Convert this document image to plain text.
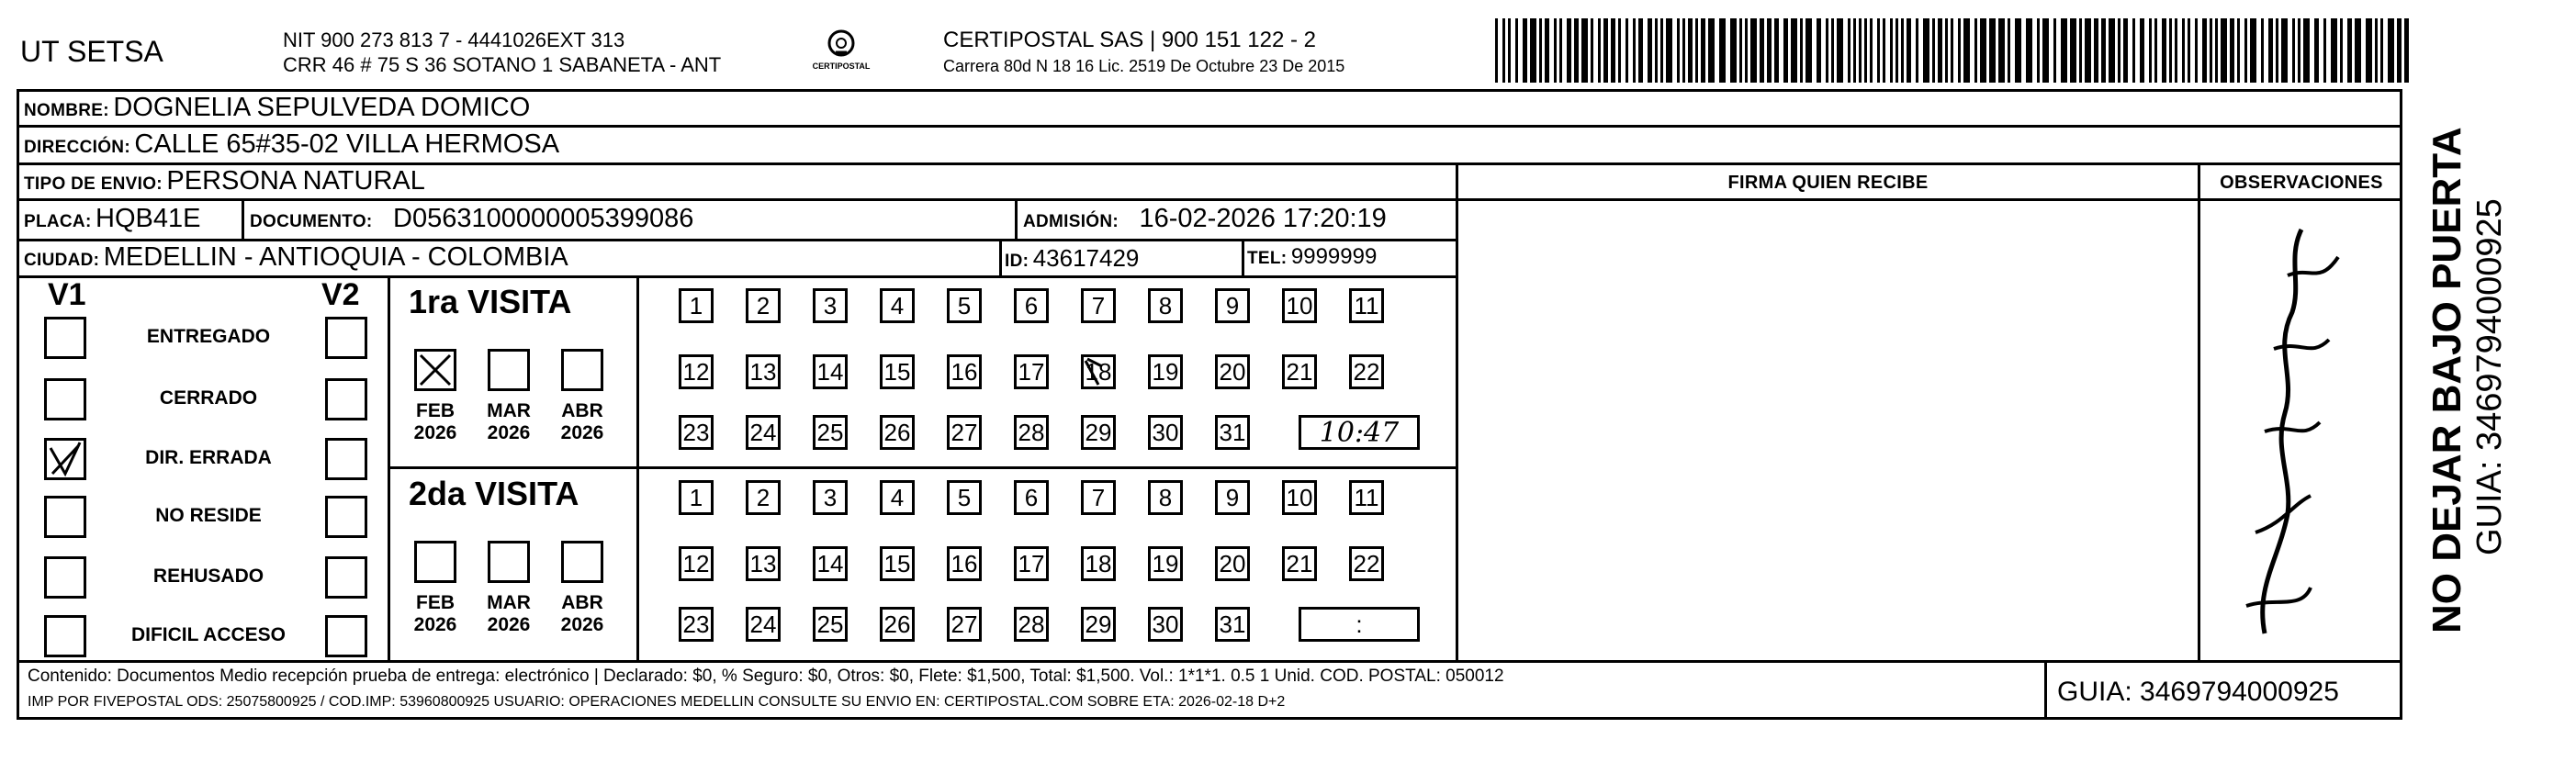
UT SETSA	NIT 900 273 813 7 - 4441026EXT 313
CRR 46 # 75 S 36 SOTANO 1 SABANETA - ANT	CERTIPOSTAL
CERTIPOSTAL SAS | 900 151 122 - 2
Carrera 80d N 18 16 Lic. 2519 De Octubre 23 De 2015
NOMBRE: DOGNELIA SEPULVEDA DOMICO
DIRECCIÓN: CALLE 65#35-02 VILLA HERMOSA
TIPO DE ENVIO: PERSONA NATURAL	FIRMA QUIEN RECIBE	OBSERVACIONES
PLACA: HQB41E	DOCUMENTO: D0563100000005399086	ADMISIÓN: 16-02-2026 17:20:19
CIUDAD: MEDELLIN - ANTIOQUIA - COLOMBIA	ID: 43617429	TEL: 9999999
V1	V2
ENTREGADO
CERRADO
DIR. ERRADA
NO RESIDE
REHUSADO
DIFICIL ACCESO
1ra VISITA
2da VISITA
FEB
2026
MAR
2026
ABR
2026
1	2	3	4	5	6	7	8	9	10 11
12 13 14 15 16 17 18 19 20 21 22
23 24 25 26 27 28 29 30 31	10:47
FEB
2026
MAR
2026
ABR
2026
1	2	3	4	5	6	7	8	9	10 11
12 13 14 15 16 17 18 19 20 21 22
23 24 25 26 27 28 29 30 31	:
Contenido: Documentos Medio recepción prueba de entrega: electrónico | Declarado: $0, % Seguro: $0, Otros: $0, Flete: $1,500, Total: $1,500. Vol.: 1*1*1. 0.5 1 Unid. COD. POSTAL: 050012
IMP POR FIVEPOSTAL ODS: 25075800925 / COD.IMP: 53960800925 USUARIO: OPERACIONES MEDELLIN CONSULTE SU ENVIO EN: CERTIPOSTAL.COM SOBRE ETA: 2026-02-18 D+2	GUIA: 3469794000925
NO DEJAR BAJO PUERTA GUIA: 3469794000925
